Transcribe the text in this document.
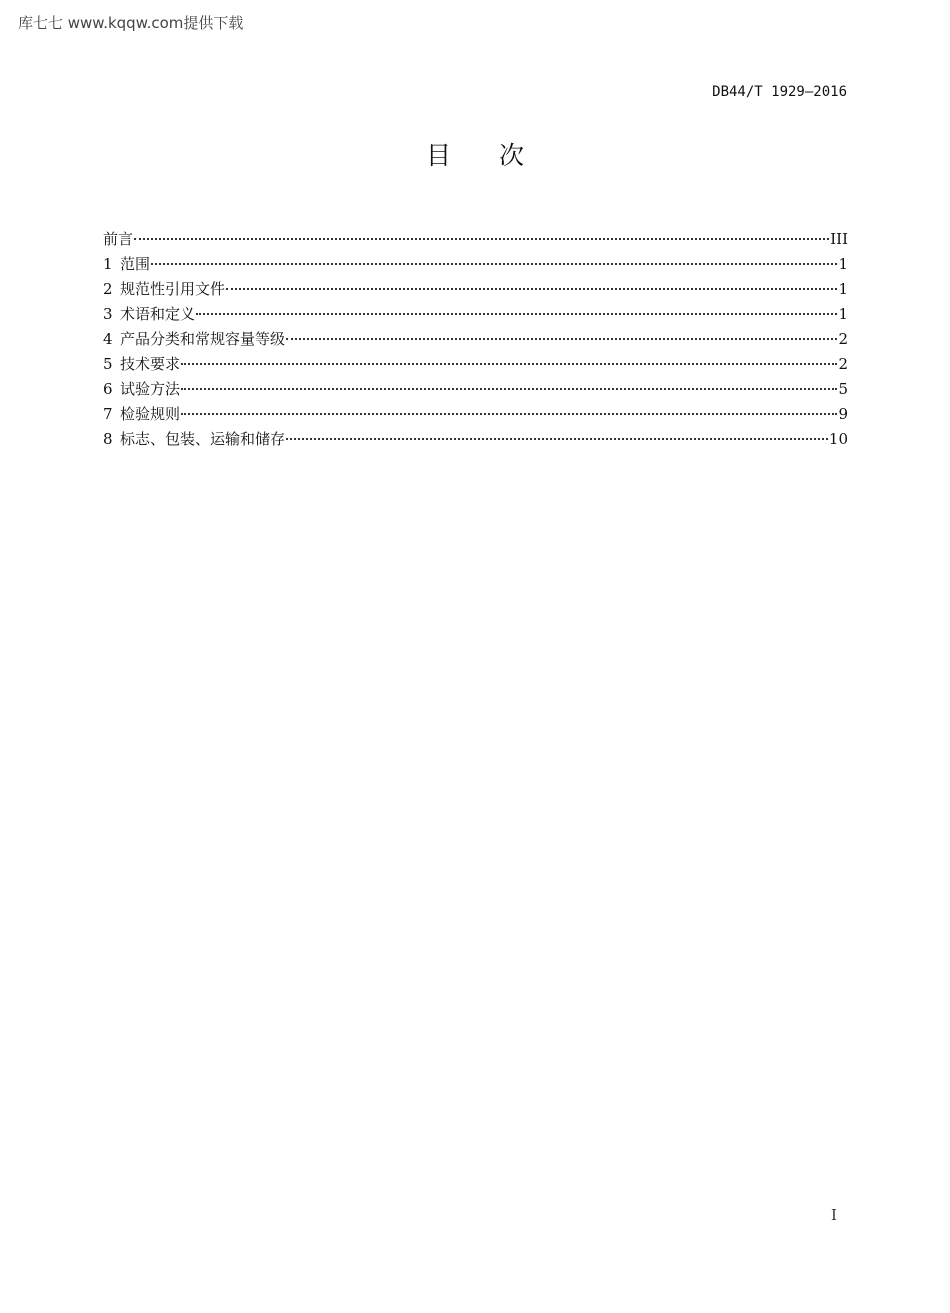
库七七 www.kqqw.com提供下载
DB44/T 1929—2016
目次
前言	III
1 范围	1
2 规范性引用文件	1
3 术语和定义	1
4 产品分类和常规容量等级	2
5 技术要求	2
6 试验方法	5
7 检验规则	9
8 标志、包装、运输和储存	10
I
